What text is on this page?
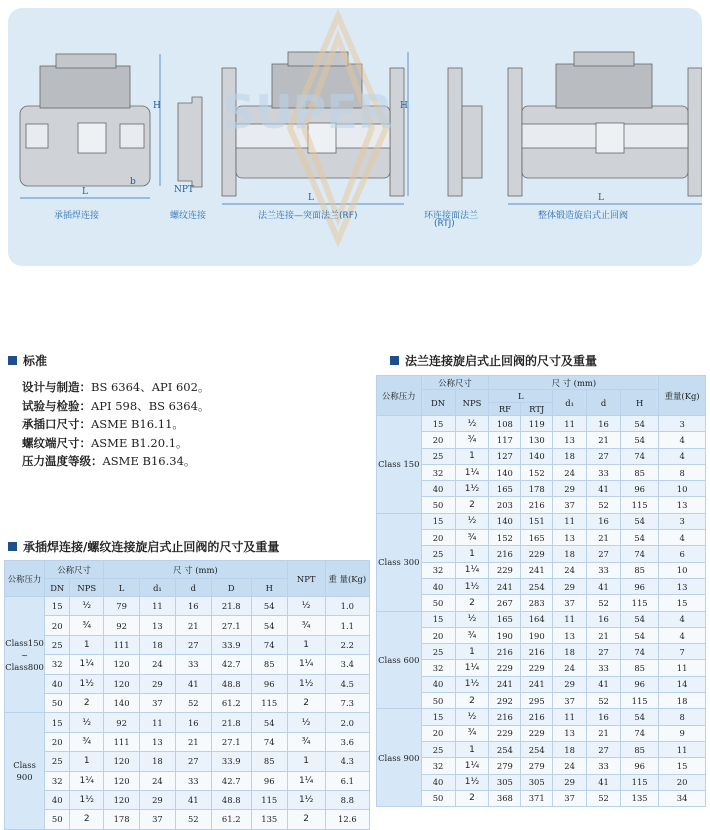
L
L	L
H	H
b
NPT
SUPER
承插焊连接	螺纹连接	法兰连接—突面法兰(RF)	环连接面法兰
(RTJ)
整体锻造旋启式止回阀
标准
设计与制造：BS 6364、API 602。
试验与检验：API 598、BS 6364。
承插口尺寸：ASME B16.11。
螺纹端尺寸：ASME B1.20.1。
压力温度等级：ASME B16.34。
承插焊连接/螺纹连接旋启式止回阀的尺寸及重量
公称压力	公称尺寸		尺 寸 (mm)					NPT	重 量(Kg)
	DN	NPS	L	d₁	d	D	H		
Class150 ~ Class800	15	½	79	11	16	21.8	54	½	1.0
	20	¾	92	13	21	27.1	54	¾	1.1
	25	1	111	18	27	33.9	74	1	2.2
	32	1¼	120	24	33	42.7	85	1¼	3.4
	40	1½	120	29	41	48.8	96	1½	4.5
	50	2	140	37	52	61.2	115	2	7.3
Class 900	15	½	92	11	16	21.8	54	½	2.0
	20	¾	111	13	21	27.1	74	¾	3.6
	25	1	120	18	27	33.9	85	1	4.3
	32	1¼	120	24	33	42.7	96	1¼	6.1
	40	1½	120	29	41	48.8	115	1½	8.8
	50	2	178	37	52	61.2	135	2	12.6
法兰连接旋启式止回阀的尺寸及重量
公称压力	公称尺寸		尺 寸 (mm)					重量(Kg)
	DN	NPS	L		d₁	d	H	
			RF	RTJ				
Class 150	15	½	108	119	11	16	54	3
	20	¾	117	130	13	21	54	4
	25	1	127	140	18	27	74	4
	32	1¼	140	152	24	33	85	8
	40	1½	165	178	29	41	96	10
	50	2	203	216	37	52	115	13
Class 300	15	½	140	151	11	16	54	3
	20	¾	152	165	13	21	54	4
	25	1	216	229	18	27	74	6
	32	1¼	229	241	24	33	85	10
	40	1½	241	254	29	41	96	13
	50	2	267	283	37	52	115	15
Class 600	15	½	165	164	11	16	54	4
	20	¾	190	190	13	21	54	4
	25	1	216	216	18	27	74	7
	32	1¼	229	229	24	33	85	11
	40	1½	241	241	29	41	96	14
	50	2	292	295	37	52	115	18
Class 900	15	½	216	216	11	16	54	8
	20	¾	229	229	13	21	74	9
	25	1	254	254	18	27	85	11
	32	1¼	279	279	24	33	96	15
	40	1½	305	305	29	41	115	20
	50	2	368	371	37	52	135	34
